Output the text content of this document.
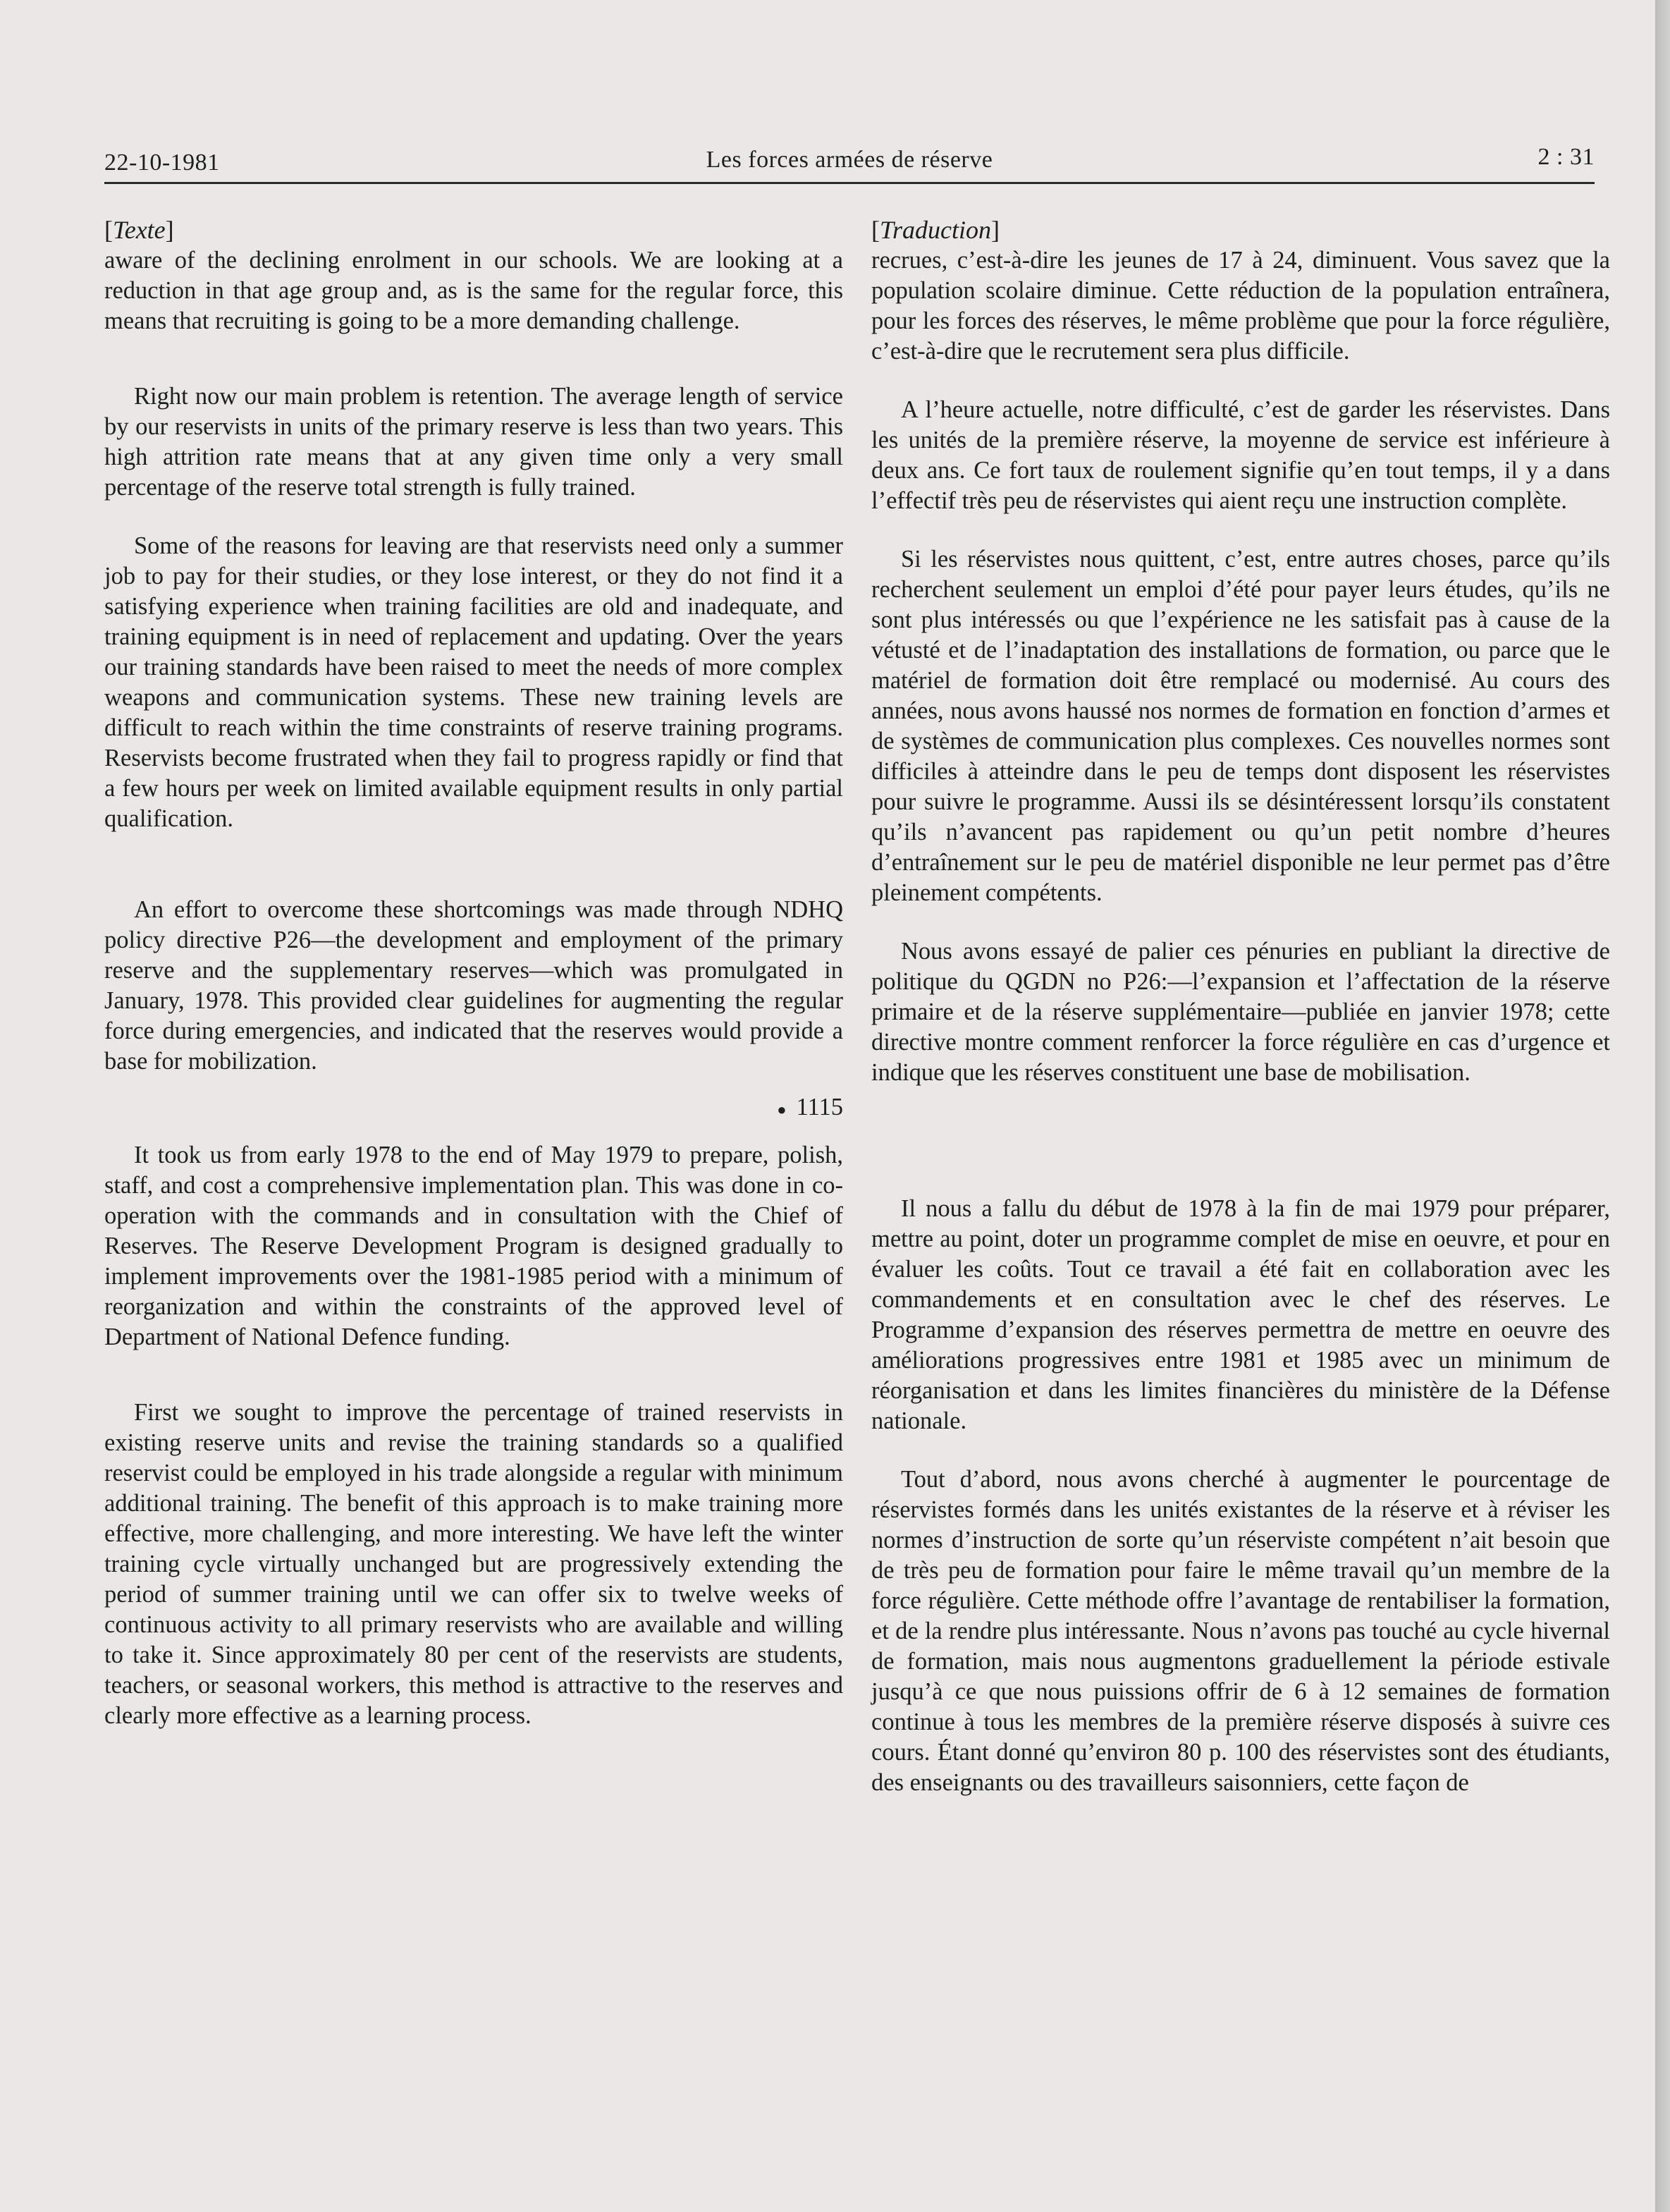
22-10-1981	Les forces armées de réserve	2 : 31
[Texte]

aware of the declining enrolment in our schools. We are looking at a reduction in that age group and, as is the same for the regular force, this means that recruiting is going to be a more demanding challenge.

Right now our main problem is retention. The average length of service by our reservists in units of the primary reserve is less than two years. This high attrition rate means that at any given time only a very small percentage of the reserve total strength is fully trained.

Some of the reasons for leaving are that reservists need only a summer job to pay for their studies, or they lose interest, or they do not find it a satisfying experience when training facilities are old and inadequate, and training equipment is in need of replacement and updating. Over the years our training standards have been raised to meet the needs of more complex weapons and communication systems. These new training levels are difficult to reach within the time constraints of reserve training programs. Reservists become frustrated when they fail to progress rapidly or find that a few hours per week on limited available equipment results in only partial qualification.

An effort to overcome these shortcomings was made through NDHQ policy directive P26—the development and employment of the primary reserve and the supplementary reserves—which was promulgated in January, 1978. This provided clear guidelines for augmenting the regular force during emergencies, and indicated that the reserves would provide a base for mobilization.

● 1115

It took us from early 1978 to the end of May 1979 to prepare, polish, staff, and cost a comprehensive implementation plan. This was done in co-operation with the commands and in consultation with the Chief of Reserves. The Reserve Development Program is designed gradually to implement improvements over the 1981-1985 period with a minimum of reorganization and within the constraints of the approved level of Department of National Defence funding.

First we sought to improve the percentage of trained reservists in existing reserve units and revise the training standards so a qualified reservist could be employed in his trade alongside a regular with minimum additional training. The benefit of this approach is to make training more effective, more challenging, and more interesting. We have left the winter training cycle virtually unchanged but are progressively extending the period of summer training until we can offer six to twelve weeks of continuous activity to all primary reservists who are available and willing to take it. Since approximately 80 per cent of the reservists are students, teachers, or seasonal workers, this method is attractive to the reserves and clearly more effective as a learning process.

[Traduction]

recrues, c’est-à-dire les jeunes de 17 à 24, diminuent. Vous savez que la population scolaire diminue. Cette réduction de la population entraînera, pour les forces des réserves, le même problème que pour la force régulière, c’est-à-dire que le recrutement sera plus difficile.

A l’heure actuelle, notre difficulté, c’est de garder les réservistes. Dans les unités de la première réserve, la moyenne de service est inférieure à deux ans. Ce fort taux de roulement signifie qu’en tout temps, il y a dans l’effectif très peu de réservistes qui aient reçu une instruction complète.

Si les réservistes nous quittent, c’est, entre autres choses, parce qu’ils recherchent seulement un emploi d’été pour payer leurs études, qu’ils ne sont plus intéressés ou que l’expérience ne les satisfait pas à cause de la vétusté et de l’inadaptation des installations de formation, ou parce que le matériel de formation doit être remplacé ou modernisé. Au cours des années, nous avons haussé nos normes de formation en fonction d’armes et de systèmes de communication plus complexes. Ces nouvelles normes sont difficiles à atteindre dans le peu de temps dont disposent les réservistes pour suivre le programme. Aussi ils se désintéressent lorsqu’ils constatent qu’ils n’avancent pas rapidement ou qu’un petit nombre d’heures d’entraînement sur le peu de matériel disponible ne leur permet pas d’être pleinement compétents.

Nous avons essayé de palier ces pénuries en publiant la directive de politique du QGDN no P26:—l’expansion et l’affectation de la réserve primaire et de la réserve supplémentaire—publiée en janvier 1978; cette directive montre comment renforcer la force régulière en cas d’urgence et indique que les réserves constituent une base de mobilisation.

Il nous a fallu du début de 1978 à la fin de mai 1979 pour préparer, mettre au point, doter un programme complet de mise en oeuvre, et pour en évaluer les coûts. Tout ce travail a été fait en collaboration avec les commandements et en consultation avec le chef des réserves. Le Programme d’expansion des réserves permettra de mettre en oeuvre des améliorations progressives entre 1981 et 1985 avec un minimum de réorganisation et dans les limites financières du ministère de la Défense nationale.

Tout d’abord, nous avons cherché à augmenter le pourcentage de réservistes formés dans les unités existantes de la réserve et à réviser les normes d’instruction de sorte qu’un réserviste compétent n’ait besoin que de très peu de formation pour faire le même travail qu’un membre de la force régulière. Cette méthode offre l’avantage de rentabiliser la formation, et de la rendre plus intéressante. Nous n’avons pas touché au cycle hivernal de formation, mais nous augmentons graduellement la période estivale jusqu’à ce que nous puissions offrir de 6 à 12 semaines de formation continue à tous les membres de la première réserve disposés à suivre ces cours. Étant donné qu’environ 80 p. 100 des réservistes sont des étudiants, des enseignants ou des travailleurs saisonniers, cette façon de
